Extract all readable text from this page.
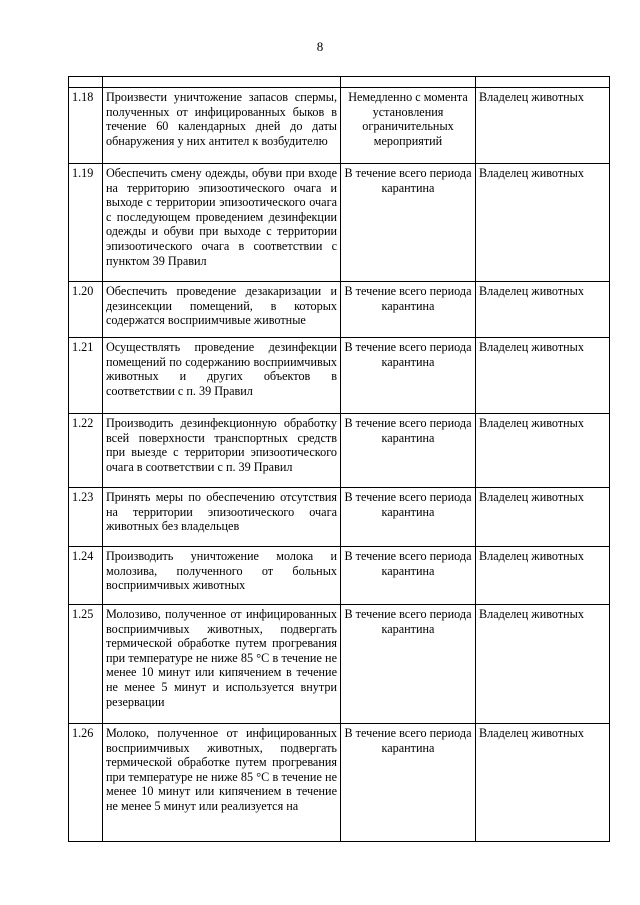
8

1.18	Произвести уничтожение запасов спермы, полученных от инфицированных быков в течение 60 календарных дней до даты обнаружения у них антител к возбудителю	Немедленно с момента установления ограничительных мероприятий	Владелец животных
1.19	Обеспечить смену одежды, обуви при входе на территорию эпизоотического очага и выходе с территории эпизоотического очага с последующем проведением дезинфекции одежды и обуви при выходе с территории эпизоотического очага в соответствии с пунктом 39 Правил	В течение всего периода карантина	Владелец животных
1.20	Обеспечить проведение дезакаризации и дезинсекции помещений, в которых содержатся восприимчивые животные	В течение всего периода карантина	Владелец животных
1.21	Осуществлять проведение дезинфекции помещений по содержанию восприимчивых животных и других объектов в соответствии с п. 39 Правил	В течение всего периода карантина	Владелец животных
1.22	Производить дезинфекционную обработку всей поверхности транспортных средств при выезде с территории эпизоотического очага в соответствии с п. 39 Правил	В течение всего периода карантина	Владелец животных
1.23	Принять меры по обеспечению отсутствия на территории эпизоотического очага животных без владельцев	В течение всего периода карантина	Владелец животных
1.24	Производить уничтожение молока и молозива, полученного от больных восприимчивых животных	В течение всего периода карантина	Владелец животных
1.25	Молозиво, полученное от инфицированных восприимчивых животных, подвергать термической обработке путем прогревания при температуре не ниже 85 °С в течение не менее 10 минут или кипячением в течение не менее 5 минут и используется внутри резервации	В течение всего периода карантина	Владелец животных
1.26	Молоко, полученное от инфицированных восприимчивых животных, подвергать термической обработке путем прогревания при температуре не ниже 85 °С в течение не менее 10 минут или кипячением в течение не менее 5 минут или реализуется на	В течение всего периода карантина	Владелец животных
